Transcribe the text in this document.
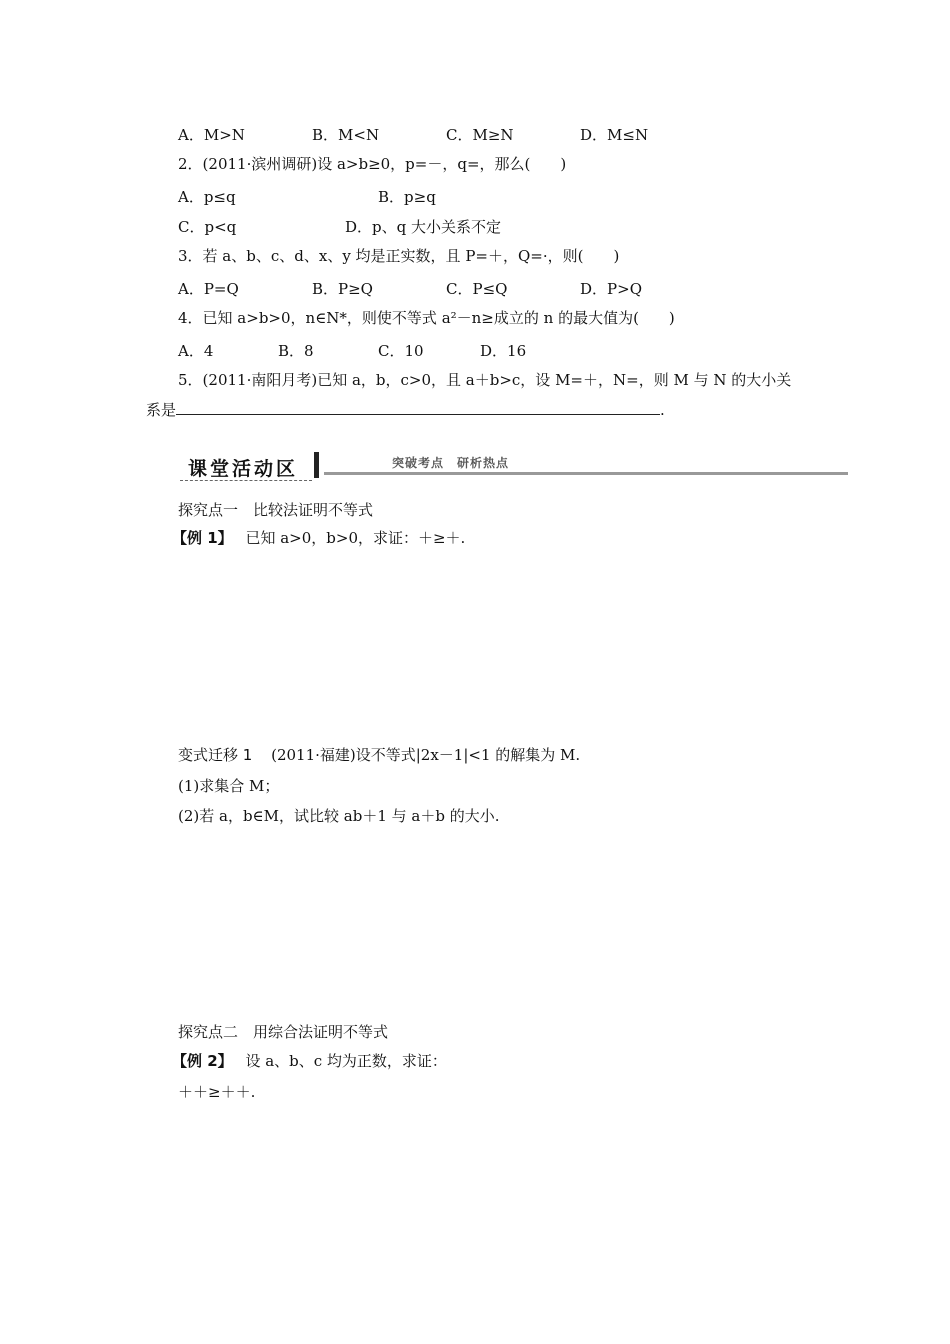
A．M>N	B．M<N	C．M≥N	D．M≤N
2．(2011·滨州调研)设 a>b≥0，p=－，q=，那么(　　)
A．p≤q	B．p≥q
C．p<q	D．p、q 大小关系不定
3．若 a、b、c、d、x、y 均是正实数，且 P=＋，Q=·，则(　　)
A．P=Q	B．P≥Q	C．P≤Q	D．P>Q
4．已知 a>b>0，n∈N*，则使不等式 a²－n≥成立的 n 的最大值为(　　)
A．4	B．8	C．10	D．16
5．(2011·南阳月考)已知 a，b，c>0，且 a＋b>c，设 M=＋，N=，则 M 与 N 的大小关
系是	.
课堂活动区	突破考点　研析热点
探究点一　比较法证明不等式
【例 1】 已知 a>0，b>0，求证：＋≥＋.
变式迁移 1 (2011·福建)设不等式|2x－1|<1 的解集为 M.
(1)求集合 M；
(2)若 a，b∈M，试比较 ab＋1 与 a＋b 的大小.
探究点二　用综合法证明不等式
【例 2】 设 a、b、c 均为正数，求证：
＋＋≥＋＋.
